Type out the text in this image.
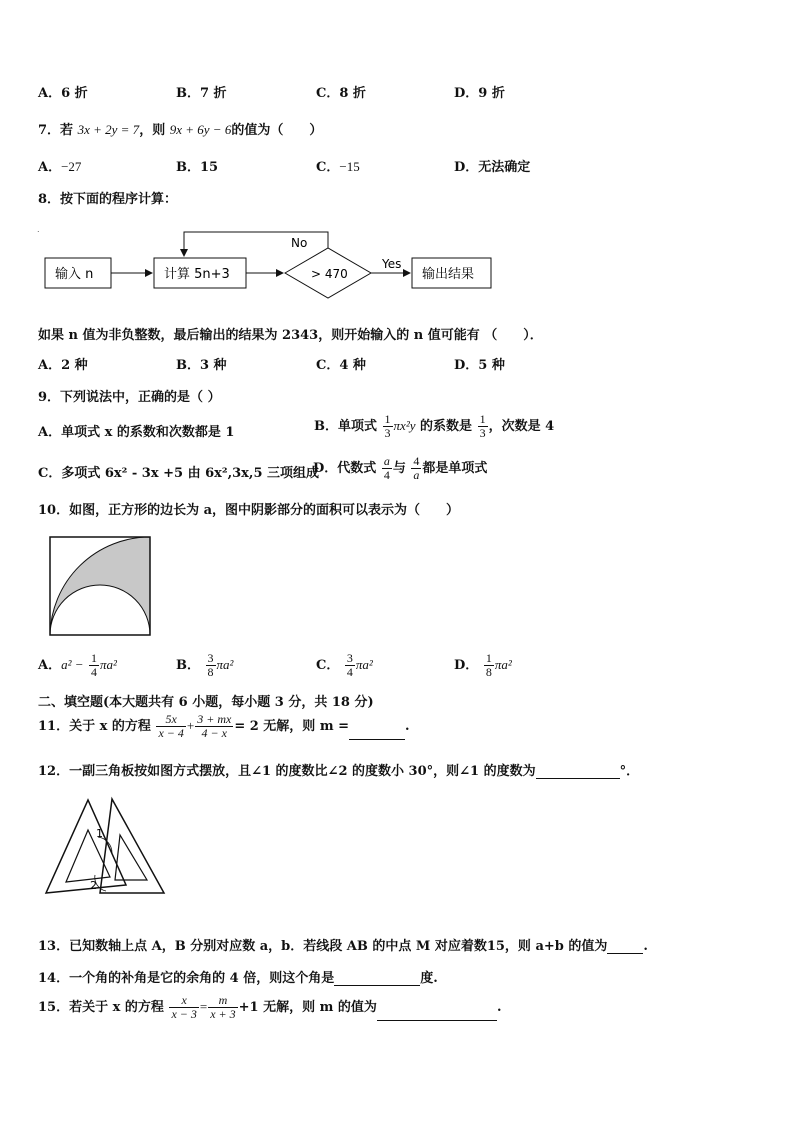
A．6 折	B．7 折	C．8 折	D．9 折
7．若 3x + 2y = 7，则 9x + 6y − 6的值为（　　）
A．−27	B．15	C．−15	D．无法确定
8．按下面的程序计算：
.
输入 n	计算 5n+3	> 470
No
Yes
输出结果
如果 n 值为非负整数，最后输出的结果为 2343，则开始输入的 n 值可能有 （　　）．
A．2 种	B．3 种	C．4 种	D．5 种
9．下列说法中，正确的是（ ）
A．单项式 x 的系数和次数都是 1	B．单项式 $\frac{1}{3} \pi x^2y$ 的系数是 $\frac{1}{3}$ ，次数是 4
C．多项式 6x² - 3x +5 由 6x²,3x,5 三项组成
D．代数式 $\frac{a}{4}$ 与 $\frac{4}{a}$ 都是单项式
10．如图，正方形的边长为 a，图中阴影部分的面积可以表示为（　　）
A．$a^2 - \frac{1}{4} \pi a^2$	B． $\frac{3}{8} \pi a^2$	C． $\frac{3}{4} \pi a^2$	D． $\frac{1}{8} \pi a^2$
二、填空题(本大题共有 6 小题，每小题 3 分，共 18 分)
11．关于 x 的方程 $\frac{5x}{x - 4} + \frac{3 + mx}{4 - x} = 2$ 无解，则 m =	.
12．一副三角板按如图方式摆放，且∠1 的度数比∠2 的度数小 30°，则∠1 的度数为	°．
1
2
13．已知数轴上点 A，B 分别对应数 a，b．若线段 AB 的中点 M 对应着数15，则 a+b 的值为	.
14．一个角的补角是它的余角的 4 倍，则这个角是	度.
15．若关于 x 的方程 $\frac{x}{x - 3} = \frac{m}{x + 3} +1$ 无解，则 m 的值为	.
